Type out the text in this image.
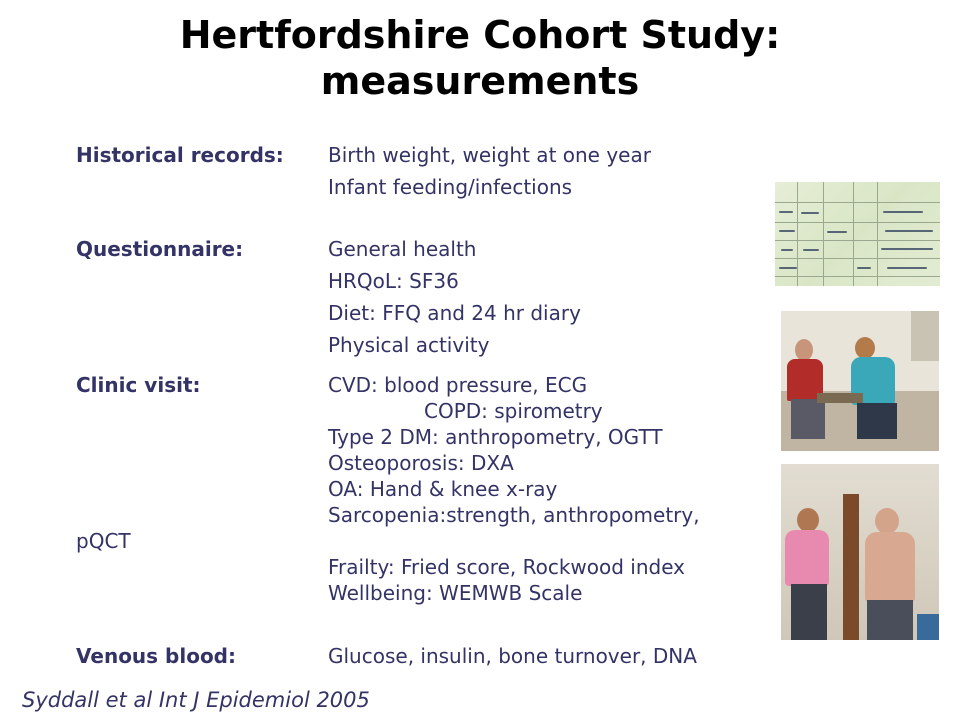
Hertfordshire Cohort Study:
measurements
Historical records: Birth weight, weight at one year
Infant feeding/infections
Questionnaire:	General health
HRQoL: SF36
Diet: FFQ and 24 hr diary
Physical activity
Clinic visit:	CVD: blood pressure, ECG
COPD: spirometry
Type 2 DM: anthropometry, OGTT
Osteoporosis: DXA
OA: Hand & knee x-ray
Sarcopenia:strength, anthropometry,
pQCT
Frailty: Fried score, Rockwood index
Wellbeing: WEMWB Scale
Venous blood:	Glucose, insulin, bone turnover, DNA
Syddall et al Int J Epidemiol 2005
